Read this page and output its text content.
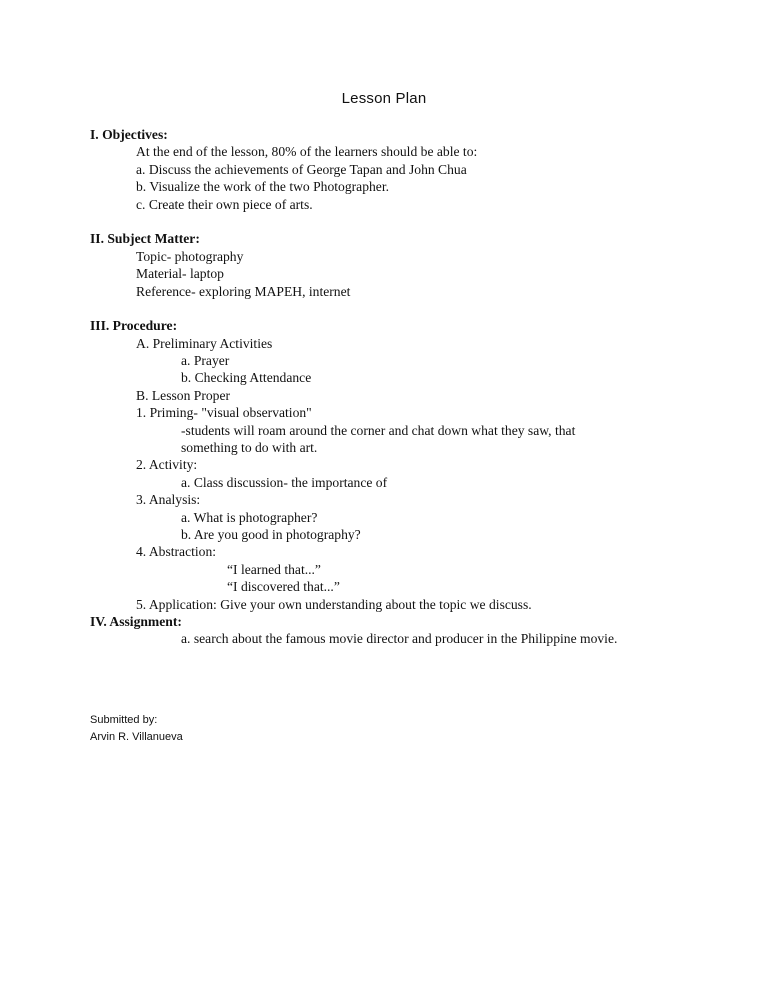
Lesson Plan
I. Objectives:
At the end of the lesson, 80% of the learners should be able to:
a. Discuss the achievements of George Tapan and John Chua
b. Visualize the work of the two Photographer.
c. Create their own piece of arts.
II. Subject Matter:
Topic- photography
Material- laptop
Reference- exploring MAPEH, internet
III. Procedure:
A. Preliminary Activities
a. Prayer
b. Checking Attendance
B. Lesson Proper
1. Priming- "visual observation"
-students will roam around the corner and chat down what they saw, that
something to do with art.
2. Activity:
a. Class discussion- the importance of
3. Analysis:
a. What is photographer?
b. Are you good in photography?
4. Abstraction:
“I learned that...”
“I discovered that...”
5. Application: Give your own understanding about the topic we discuss.
IV. Assignment:
a. search about the famous movie director and producer in the Philippine movie.
Submitted by:
Arvin R. Villanueva
